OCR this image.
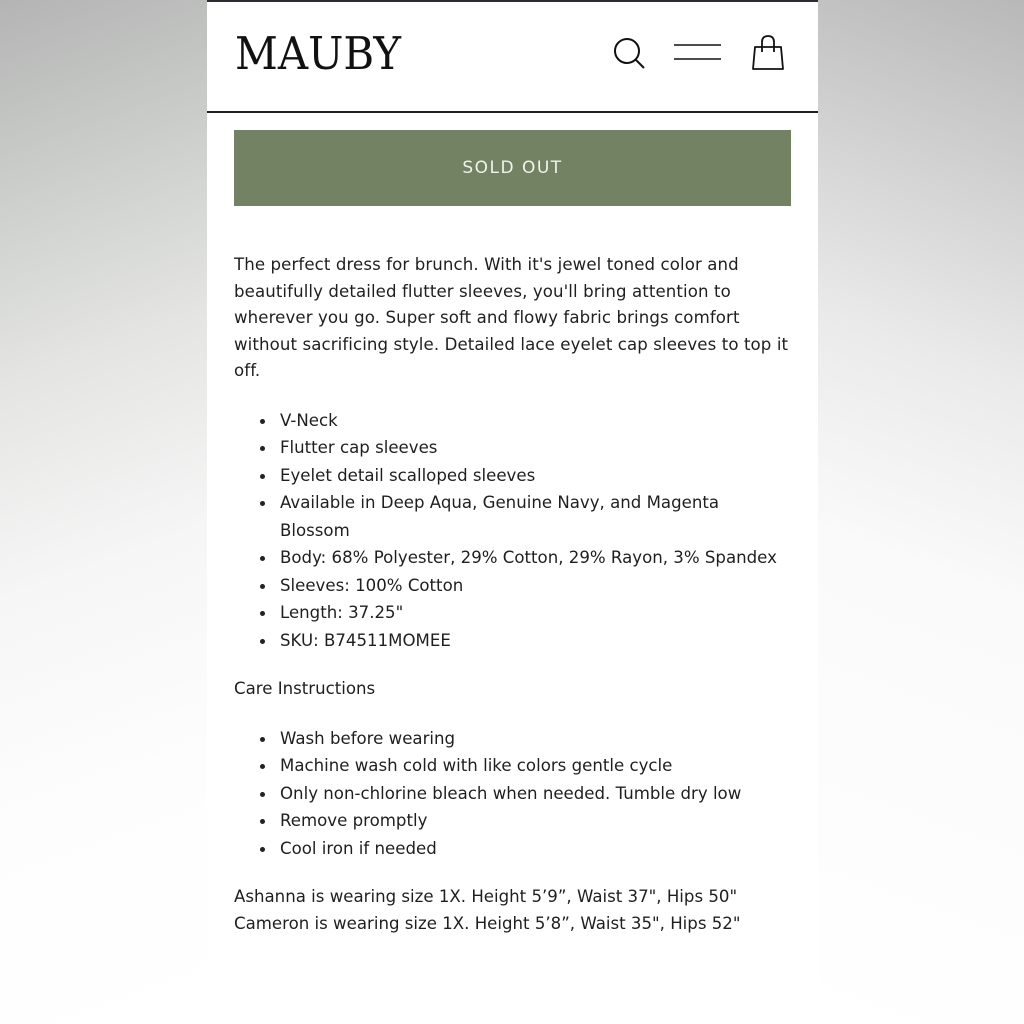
MAUBY
SOLD OUT

The perfect dress for brunch. With it's jewel toned color and beautifully detailed flutter sleeves, you'll bring attention to wherever you go. Super soft and flowy fabric brings comfort without sacrificing style. Detailed lace eyelet cap sleeves to top it off.

V-Neck
Flutter cap sleeves
Eyelet detail scalloped sleeves
Available in Deep Aqua, Genuine Navy, and Magenta Blossom
Body: 68% Polyester, 29% Cotton, 29% Rayon, 3% Spandex
Sleeves: 100% Cotton
Length: 37.25"
SKU: B74511MOMEE

Care Instructions

Wash before wearing
Machine wash cold with like colors gentle cycle
Only non-chlorine bleach when needed. Tumble dry low
Remove promptly
Cool iron if needed

Ashanna is wearing size 1X. Height 5’9”, Waist 37", Hips 50"

Cameron is wearing size 1X. Height 5’8”, Waist 35", Hips 52"
